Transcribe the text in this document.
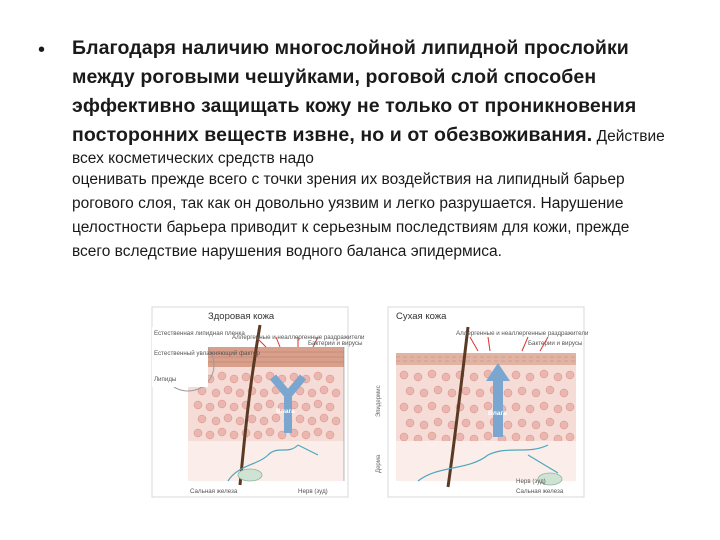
• Благодаря наличию многослойной липидной прослойки между роговыми чешуйками, роговой слой способен эффективно защищать кожу не только от проникновения посторонних веществ извне, но и от обезвоживания. Действие всех косметических средств надо
оценивать прежде всего с точки зрения их воздействия на липидный барьер рогового слоя, так как он довольно уязвим и легко разрушается. Нарушение целостности барьера приводит к серьезным последствиям для кожи, прежде всего вследствие нарушения водного баланса эпидермиса.
Здоровая кожа
Влага
Естественная липидная пленка
Естественный увлажняющий фактор
Липиды
Аллергенные и неаллергенные раздражители
Бактерии и вирусы
Сальная железа	Нерв (зуд)
Эпидермис
Дерма
Сухая кожа
Влага
Аллергенные и неаллергенные раздражители
Бактерии и вирусы
Нерв (зуд)
Сальная железа
